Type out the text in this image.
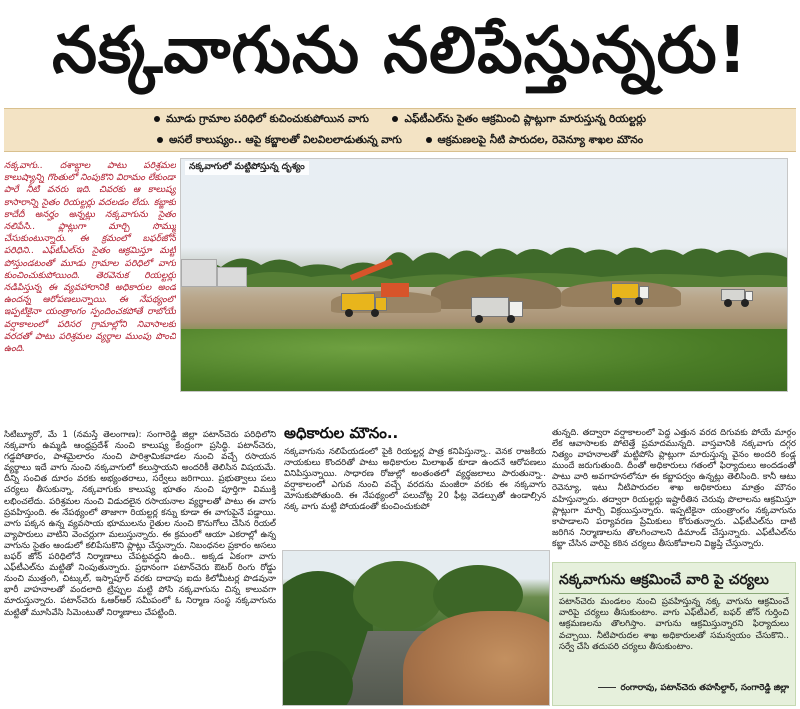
నక్కవాగును నలిపేస్తున్నరు!
మూడు గ్రామాల పరిధిలో కుచించుకుపోయిన వాగు	ఎఫ్‌టీఎల్‌ను సైతం ఆక్రమించి ప్లాట్లుగా మారుస్తున్న రియల్టర్లు
అసలే కాలుష్యం.. ఆపై కబ్జాలతో విలవిలలాడుతున్న వాగు	ఆక్రమణలపై నీటి పారుదల, రెవెన్యూ శాఖల మౌనం
నక్కవాగు.. దశాబ్దాల పాటు పరిశ్రమల కాలుష్యాన్ని గొంతులో నింపుకొని విరామం లేకుండా పారే నీటి వనరు ఇది. చివరకు ఆ కాలుష్య కాసారాన్ని సైతం రియల్టర్లు వదలడం లేదు. కబ్జాకు కాదేదీ అనర్హం అన్నట్లు నక్కవాగును సైతం నలిపేసి.. ప్లాట్లుగా మార్చి సొమ్ము చేసుకుంటున్నారు. ఈ క్రమంలో బఫర్‌జోన్ పరిధిని.. ఎఫ్‌టీఎల్‌ను సైతం ఆక్రమిస్తూ మట్టి పోస్తుండటంతో మూడు గ్రామాల పరిధిలో వాగు కుంచించుకుపోయింది. తెరవెనుక రియల్టర్లు నడిపిస్తున్న ఈ వ్యవహారానికి అధికారుల అండ ఉందన్న ఆరోపణలున్నాయి. ఈ నేపథ్యంలో ఇప్పటికైనా యంత్రాంగం స్పందించకపోతే రాబోయే వర్షాకాలంలో పరిసర గ్రామాల్లోని నివాసాలకు వరదతో పాటు పరిశ్రమల వ్యర్థాల ముంపు పొంచి ఉంది.
నక్కవాగులో మట్టిపోస్తున్న దృశ్యం
సిటీబ్యూరో, మే 1 (నమస్తే తెలంగాణ): సంగారెడ్డి జిల్లా పటాన్‌చెరు పరిధిలోని నక్కవాగు ఉమ్మడి ఆంధ్రప్రదేశ్ నుంచి కాలుష్య కేంద్రంగా ప్రసిద్ధి. పటాన్‌చెరు, గడ్డపోతారం, పాశమైలారం నుంచి పారిశ్రామికవాడల నుంచి వచ్చే రసాయన వ్యర్థాలు ఇదే వాగు నుంచి నక్కవాగులో కలుస్తాయని అందరికీ తెలిసిన విషయమే. దీన్ని సంచిత దూరం వరకు అభ్యంతరాలు, సర్వేలు జరిగాయి. ప్రభుత్వాలు పలు చర్యలు తీసుకున్నా, నక్కవాగుకు కాలుష్య భూతం నుంచి పూర్తిగా విముక్తి లభించలేదు. పరిశ్రమల నుంచి విడుదలైన రసాయనాల వ్యర్థాలతో పాటు ఈ వాగు ప్రవహిస్తుంది. ఈ నేపథ్యంలో తాజాగా రియల్టర్ల కన్ను కూడా ఈ వాగుపైనే పడ్డాయి. వాగు పక్కన ఉన్న వ్యవసాయ భూములను రైతుల నుంచి కొనుగోలు చేసిన రియల్ వ్యాపారులు వాటిని వెంచర్లుగా మలుస్తున్నారు. ఈ క్రమంలో ఆయా ఎకరాల్లో ఉన్న వాగును సైతం ఆండులో కలిపేసుకొని ప్లాట్లు చేస్తున్నారు. నిబంధనల ప్రకారం అసలు బఫర్ జోన్ పరిధిలోనే నిర్మాణాలు చేపట్టవద్దని ఉంది.. అక్కడ ఏకంగా వాగు ఎఫ్‌టీఎల్‌ను మట్టితో నింపుతున్నారు. ప్రధానంగా పటాన్‌చెరు ఔటర్ రింగు రోడ్డు నుంచి ముత్తంగి, చిట్కుల్, ఇస్నాపూర్ వరకు దాదాపు ఐదు కిలోమీటర్ల పొడవునా భారీ వాహనాలతో వందలాది ట్రిప్పుల మట్టి పోసి నక్కవాగును చిన్న కాలువగా మారుస్తున్నారు. పటాన్‌చెరు ఓఆర్ఆర్ సమీపంలో ఓ నిర్మాణ సంస్థ నక్కవాగును మట్టితో మూసివేసి సిమెంటుతో నిర్మాణాలు చేపట్టింది.
అధికారుల మౌనం..
నక్కవాగును నలిపేయడంలో పైకి రియల్టర్ల పాత్ర కనిపిస్తున్నా.. వెనక రాజకీయ నాయకులు కొందరితో పాటు అధికారుల మిలాఖత్ కూడా ఉందనే ఆరోపణలు వినిపిస్తున్నాయి. సాధారణ రోజుల్లో అంతంతలో వ్యర్థజలాలు పారుతున్నా.. వర్షాకాలంలో ఎగువ నుంచి వచ్చే వరదను మంజీరా వరకు ఈ నక్కవాగు మోసుకుపోతుంది. ఈ నేపథ్యంలో పలుచోట్ల 20 ఫీట్ల వెడల్పుతో ఉండాల్సిన నక్క వాగు మట్టి పోయడంతో కుంచించుకుపో
తున్నది. తద్వారా వర్షాకాలంలో పెద్ద ఎత్తున వరద దిగువకు పోయే మార్గం లేక ఆవాసాలకు పోటెత్తే ప్రమాదమున్నది. వాస్తవానికి నక్కవాగు దగ్గర నిత్యం వాహనాలతో మట్టిపోసి ప్లాట్లుగా మారుస్తున్న వైనం అందరి కండ్ల ముందే జరుగుతుంది. దీంతో అధికారులు గతంలో ఫిర్యాదులు అందడంతో పాటు వారి అవగాహనలోనూ ఈ కబ్జాపర్వం ఉన్నట్లు తెలిసింది. కానీ ఆటు రెవెన్యూ, ఇటు నీటిపారుదల శాఖ అధికారులు మాత్రం మౌనం వహిస్తున్నారు. తద్వారా రియల్టర్లు ఇష్టారీతిన చెరువు పొలాలను ఆక్రమిస్తూ ప్లాట్లుగా మార్చి విక్రయిస్తున్నారు. ఇప్పటికైనా యంత్రాంగం నక్కవాగును కాపాడాలని పర్యావరణ ప్రేమికులు కోరుతున్నారు. ఎఫ్‌టీఎల్‌ను దాటి జరిగిన నిర్మాణాలను తొలగించాలని డిమాండ్ చేస్తున్నారు. ఎఫ్‌టీఎల్‌ను కబ్జా చేసిన వారిపై కఠిన చర్యలు తీసుకోవాలని విజ్ఞప్తి చేస్తున్నారు.
నక్కవాగును ఆక్రమించే వారి పై చర్యలు
పటాన్‌చెరు మండలం నుంచి ప్రవహిస్తున్న నక్క వాగును ఆక్రమించే వారిపై చర్యలు తీసుకుంటాం. వాగు ఎఫ్‌టీఎల్, బఫర్ జోన్ గుర్తించి ఆక్రమణలను తొలగిస్తాం. వాగును ఆక్రమిస్తున్నారని ఫిర్యాదులు వచ్చాయి. నీటిపారుదల శాఖ అధికారులతో సమన్వయం చేసుకొని.. సర్వే చేసి తదుపరి చర్యలు తీసుకుంటాం.
రంగారావు, పటాన్‌చెరు తహసీల్దార్, సంగారెడ్డి జిల్లా
